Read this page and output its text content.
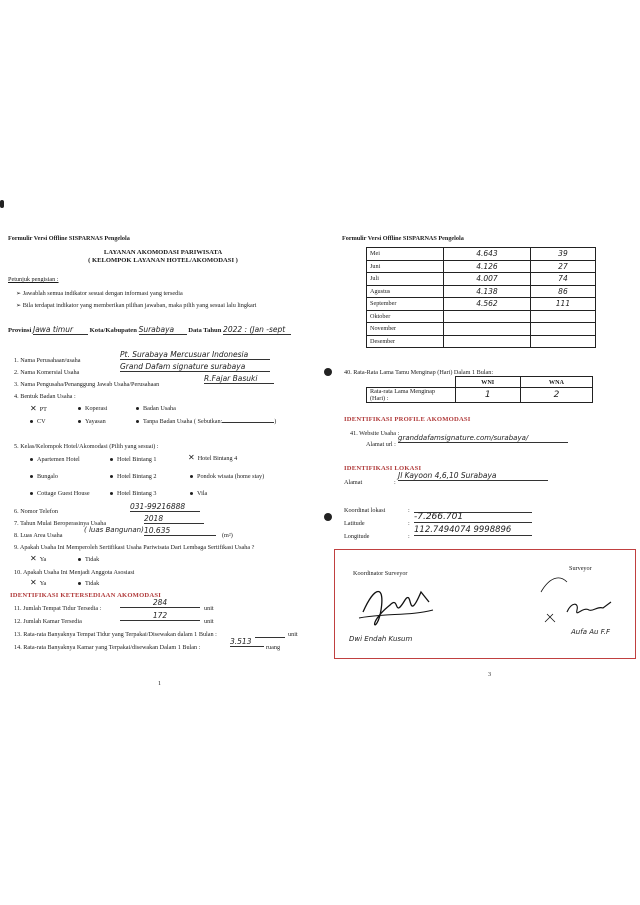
Formulir Versi Offline SISPARNAS Pengelola
LAYANAN AKOMODASI PARIWISATA
( KELOMPOK LAYANAN HOTEL/AKOMODASI )
Petunjuk pengisian :
➢ Jawablah semua indikator sesuai dengan informasi yang tersedia
➢ Bila terdapat indikator yang memberikan pilihan jawaban, maka pilih yang sesuai lalu lingkari
Provinsi Jawa timur	Kota/Kabupaten Surabaya Data Tahun 2022 : (Jan -sept
1. Nama Perusahaan/usaha
Pt. Surabaya Mercusuar Indonesia
2. Nama Komersial Usaha
Grand Dafam signature surabaya
3. Nama Pengusaha/Penanggung Jawab Usaha/Perusahaan
R.Fajar Basuki
4. Bentuk Badan Usaha :
✕ PT	Koperasi	Badan Usaha
CV	Yayasan	Tanpa Badan Usaha ( Sebutkan:	)
5. Kelas/Kelompok Hotel/Akomodasi (Pilih yang sesuai) :
Apartemen Hotel	Hotel Bintang 1	✕ Hotel Bintang 4
Bungalo	Hotel Bintang 2	Pondok wisata (home stay)
Cottage Guest House	Hotel Bintang 3	Vila
6. Nomor Telefon
031-99216888
7. Tahun Mulai Beroperasinya Usaha
2018
8. Luas Area Usaha
( luas Bangunan) 10.635
(m²)
9. Apakah Usaha Ini Memperoleh Sertifikasi Usaha Pariwisata Dari Lembaga Sertifikasi Usaha ?
✕ Ya	Tidak
10. Apakah Usaha Ini Menjadi Anggota Asosiasi
✕ Ya	Tidak
IDENTIFIKASI KETERSEDIAAN AKOMODASI
11. Jumlah Tempat Tidur Tersedia :
284
unit
12. Jumlah Kamar Tersedia
172
unit
13. Rata-rata Banyaknya Tempat Tidur yang Terpakai/Disewakan dalam 1 Bulan :	unit
14. Rata-rata Banyaknya Kamar yang Terpakai/disewakan Dalam 1 Bulan :
3.513
ruang
1
Formulir Versi Offline SISPARNAS Pengelola
Mei	4.643	39
Juni	4.126	27
Juli	4.007	74
Agustus	4.138	86
September	4.562	111
Oktober		
November		
Desember		
40. Rata-Rata Lama Tamu Menginap (Hari) Dalam 1 Bulan:
	WNI	WNA
Rata-rata Lama Menginap (Hari) :	1	2
IDENTIFIKASI PROFILE AKOMODASI
41. Website Usaha :
Alamat url :
granddafamsignature.com/surabaya/
IDENTIFIKASI LOKASI
Alamat	:
Jl Kayoon 4,6,10 Surabaya
Koordinat lokasi	:
Latitude	:
-7.266.701
Longitude	:
112.7494074 9998896
Koordinator Surveyor
Surveyor
Dwi Endah Kusum
Aufa Au F.F
3
